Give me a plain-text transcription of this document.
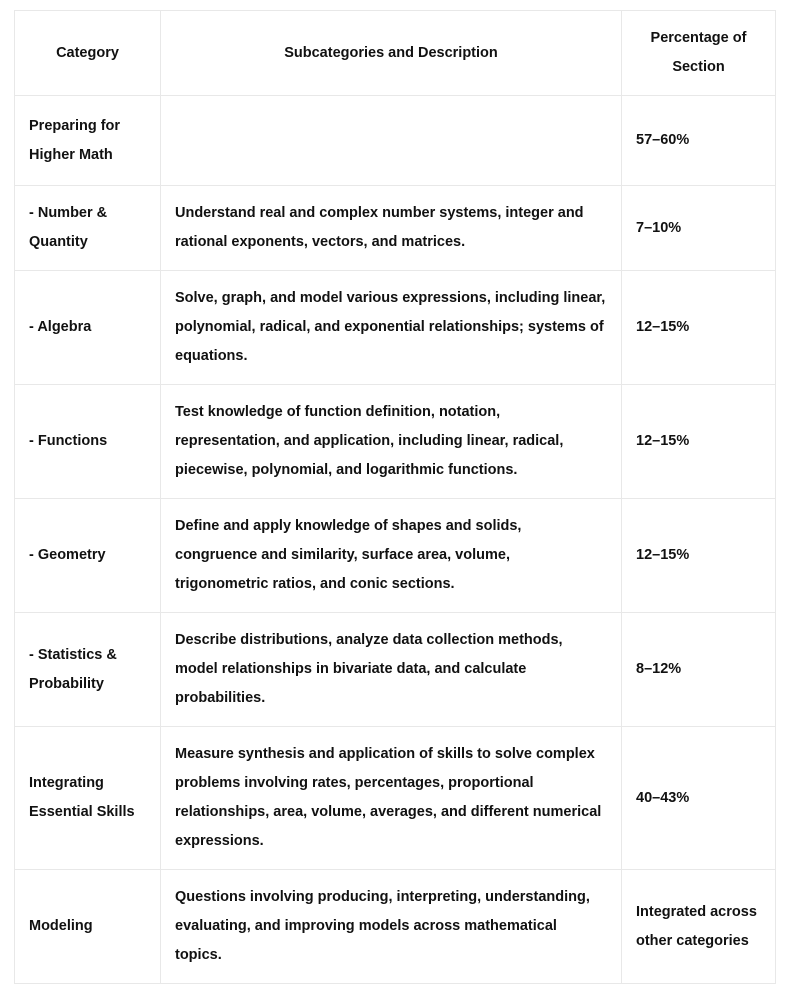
Category	Subcategories and Description	Percentage of Section
Preparing for Higher Math		57–60%
- Number & Quantity	Understand real and complex number systems, integer and rational exponents, vectors, and matrices.	7–10%
- Algebra	Solve, graph, and model various expressions, including linear, polynomial, radical, and exponential relationships; systems of equations.	12–15%
- Functions	Test knowledge of function definition, notation, representation, and application, including linear, radical, piecewise, polynomial, and logarithmic functions.	12–15%
- Geometry	Define and apply knowledge of shapes and solids, congruence and similarity, surface area, volume, trigonometric ratios, and conic sections.	12–15%
- Statistics & Probability	Describe distributions, analyze data collection methods, model relationships in bivariate data, and calculate probabilities.	8–12%
Integrating Essential Skills	Measure synthesis and application of skills to solve complex problems involving rates, percentages, proportional relationships, area, volume, averages, and different numerical expressions.	40–43%
Modeling	Questions involving producing, interpreting, understanding, evaluating, and improving models across mathematical topics.	Integrated across other categories
